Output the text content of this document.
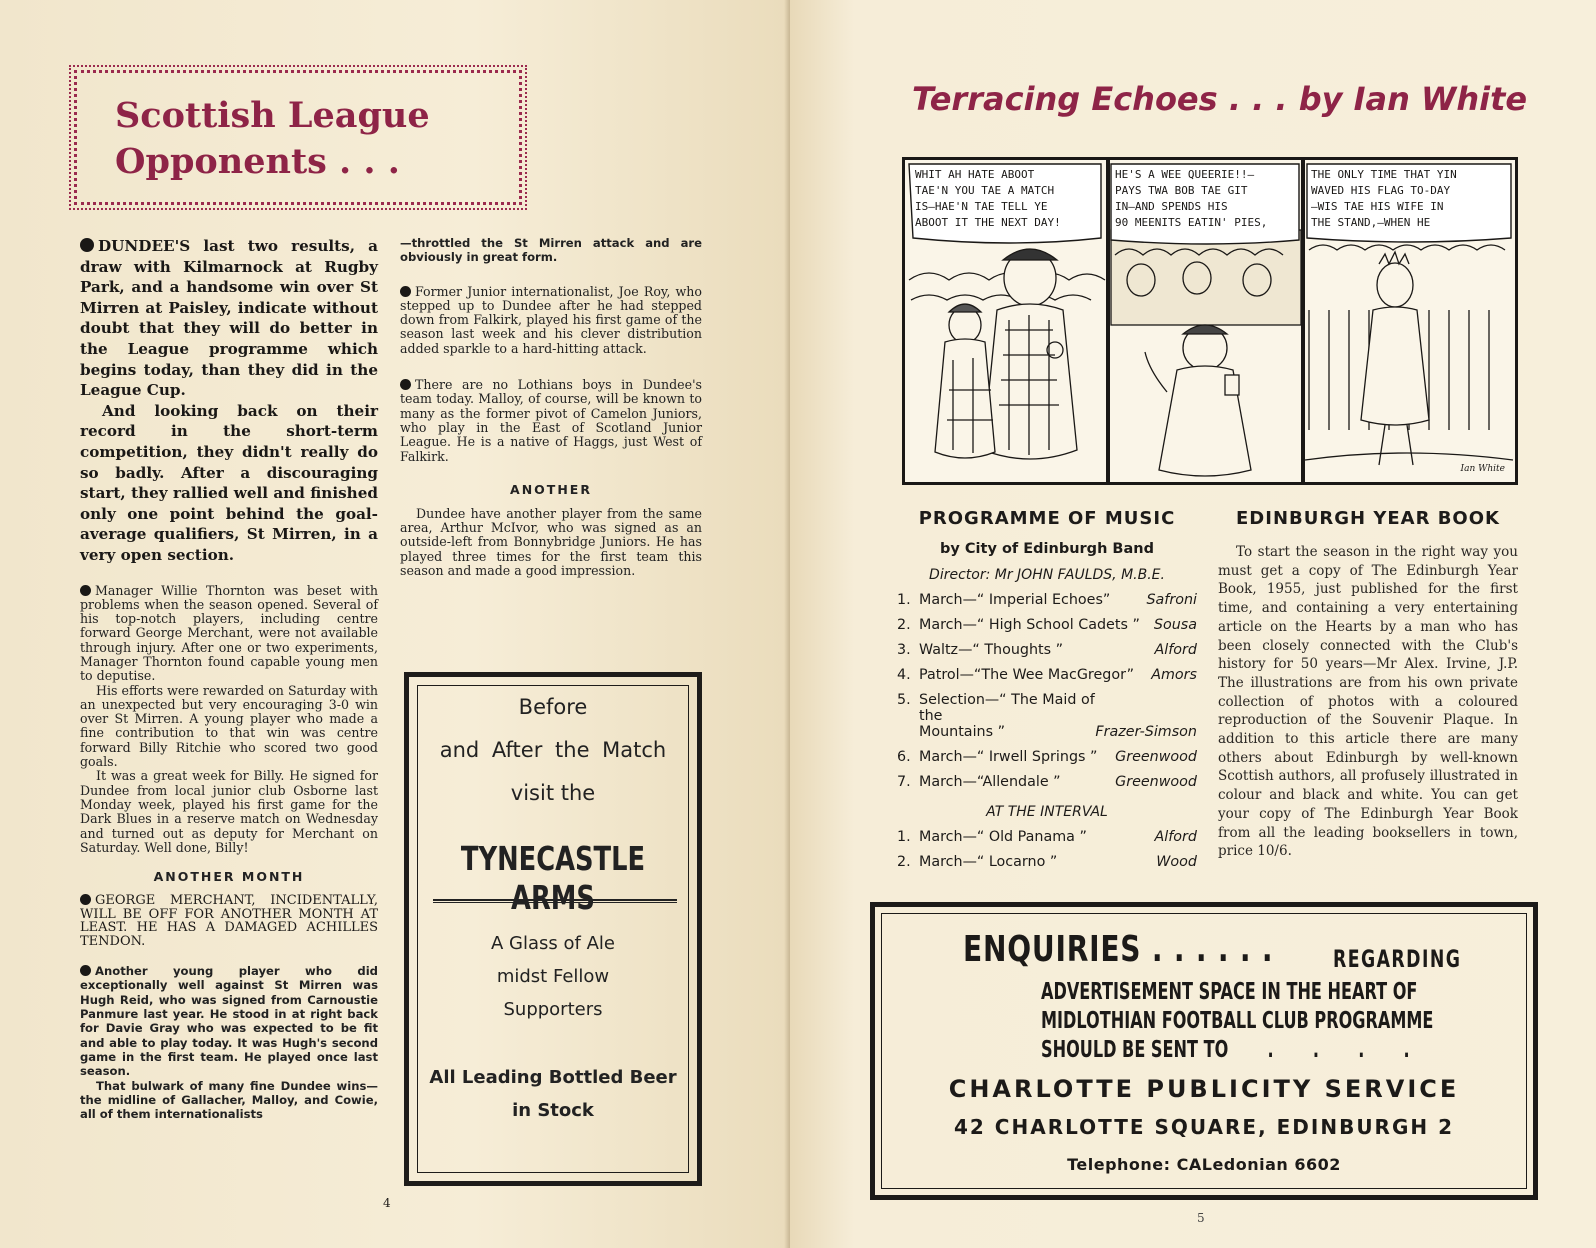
Scottish League
Opponents . . .

DUNDEE'S last two results, a draw with Kilmarnock at Rugby Park, and a handsome win over St Mirren at Paisley, indicate without doubt that they will do better in the League programme which begins today, than they did in the League Cup.

And looking back on their record in the short-term competition, they didn't really do so badly. After a discouraging start, they rallied well and finished only one point behind the goal-average qualifiers, St Mirren, in a very open section.

Manager Willie Thornton was beset with problems when the season opened. Several of his top-notch players, including centre forward George Merchant, were not available through injury. After one or two experiments, Manager Thornton found capable young men to deputise.

His efforts were rewarded on Saturday with an unexpected but very encouraging 3-0 win over St Mirren. A young player who made a fine contribution to that win was centre forward Billy Ritchie who scored two good goals.

It was a great week for Billy. He signed for Dundee from local junior club Osborne last Monday week, played his first game for the Dark Blues in a reserve match on Wednesday and turned out as deputy for Merchant on Saturday. Well done, Billy!

ANOTHER MONTH

GEORGE MERCHANT, INCIDENTALLY, WILL BE OFF FOR ANOTHER MONTH AT LEAST. HE HAS A DAMAGED ACHILLES TENDON.

Another young player who did exceptionally well against St Mirren was Hugh Reid, who was signed from Carnoustie Panmure last year. He stood in at right back for Davie Gray who was expected to be fit and able to play today. It was Hugh's second game in the first team. He played once last season.

That bulwark of many fine Dundee wins—the midline of Gallacher, Malloy, and Cowie, all of them internationalists

—throttled the St Mirren attack and are obviously in great form.

Former Junior internationalist, Joe Roy, who stepped up to Dundee after he had stepped down from Falkirk, played his first game of the season last week and his clever distribution added sparkle to a hard-hitting attack.

There are no Lothians boys in Dundee's team today. Malloy, of course, will be known to many as the former pivot of Camelon Juniors, who play in the East of Scotland Junior League. He is a native of Haggs, just West of Falkirk.

ANOTHER

Dundee have another player from the same area, Arthur McIvor, who was signed as an outside-left from Bonnybridge Juniors. He has played three times for the first team this season and made a good impression.

Before
and After the Match
visit the
TYNECASTLE ARMS
A Glass of Ale
midst Fellow
Supporters
All Leading Bottled Beer
in Stock
4
Terracing Echoes . . . by Ian White
WHIT AH HATE ABOOT
TAE'N YOU TAE A MATCH
IS—HAE'N TAE TELL YE
ABOOT IT THE NEXT DAY!
HE'S A WEE QUEERIE!!—
PAYS TWA BOB TAE GIT
IN—AND SPENDS HIS
90 MEENITS EATIN' PIES,
THE ONLY TIME THAT YIN
WAVED HIS FLAG TO-DAY
—WIS TAE HIS WIFE IN
THE STAND,—WHEN HE
Ian White
PROGRAMME OF MUSIC
by City of Edinburgh Band
Director: Mr JOHN FAULDS, M.B.E.
1. March—“ Imperial Echoes”	Safroni
2. March—“ High School Cadets ” Sousa
3. Waltz—“ Thoughts ”	Alford
4. Patrol—“The Wee MacGregor”	Amors
5. Selection—“ The Maid of the
Mountains ”	Frazer-Simson
6. March—“ Irwell Springs ”	Greenwood
7. March—“Allendale ”	Greenwood
AT THE INTERVAL
1. March—“ Old Panama ”	Alford
2. March—“ Locarno ”	Wood
EDINBURGH YEAR BOOK

To start the season in the right way you must get a copy of The Edinburgh Year Book, 1955, just published for the first time, and containing a very entertaining article on the Hearts by a man who has been closely connected with the Club's history for 50 years—Mr Alex. Irvine, J.P. The illustrations are from his own private collection of photos with a coloured reproduction of the Souvenir Plaque. In addition to this article there are many others about Edinburgh by well-known Scottish authors, all profusely illustrated in colour and black and white. You can get your copy of The Edinburgh Year Book from all the leading booksellers in town, price 10/6.

ENQUIRIES . . . . . . REGARDING
ADVERTISEMENT SPACE IN THE HEART OF
MIDLOTHIAN FOOTBALL CLUB PROGRAMME
SHOULD BE SENT TO       .       .       .       .
CHARLOTTE PUBLICITY SERVICE
42 CHARLOTTE SQUARE, EDINBURGH 2
Telephone: CALedonian 6602
5
